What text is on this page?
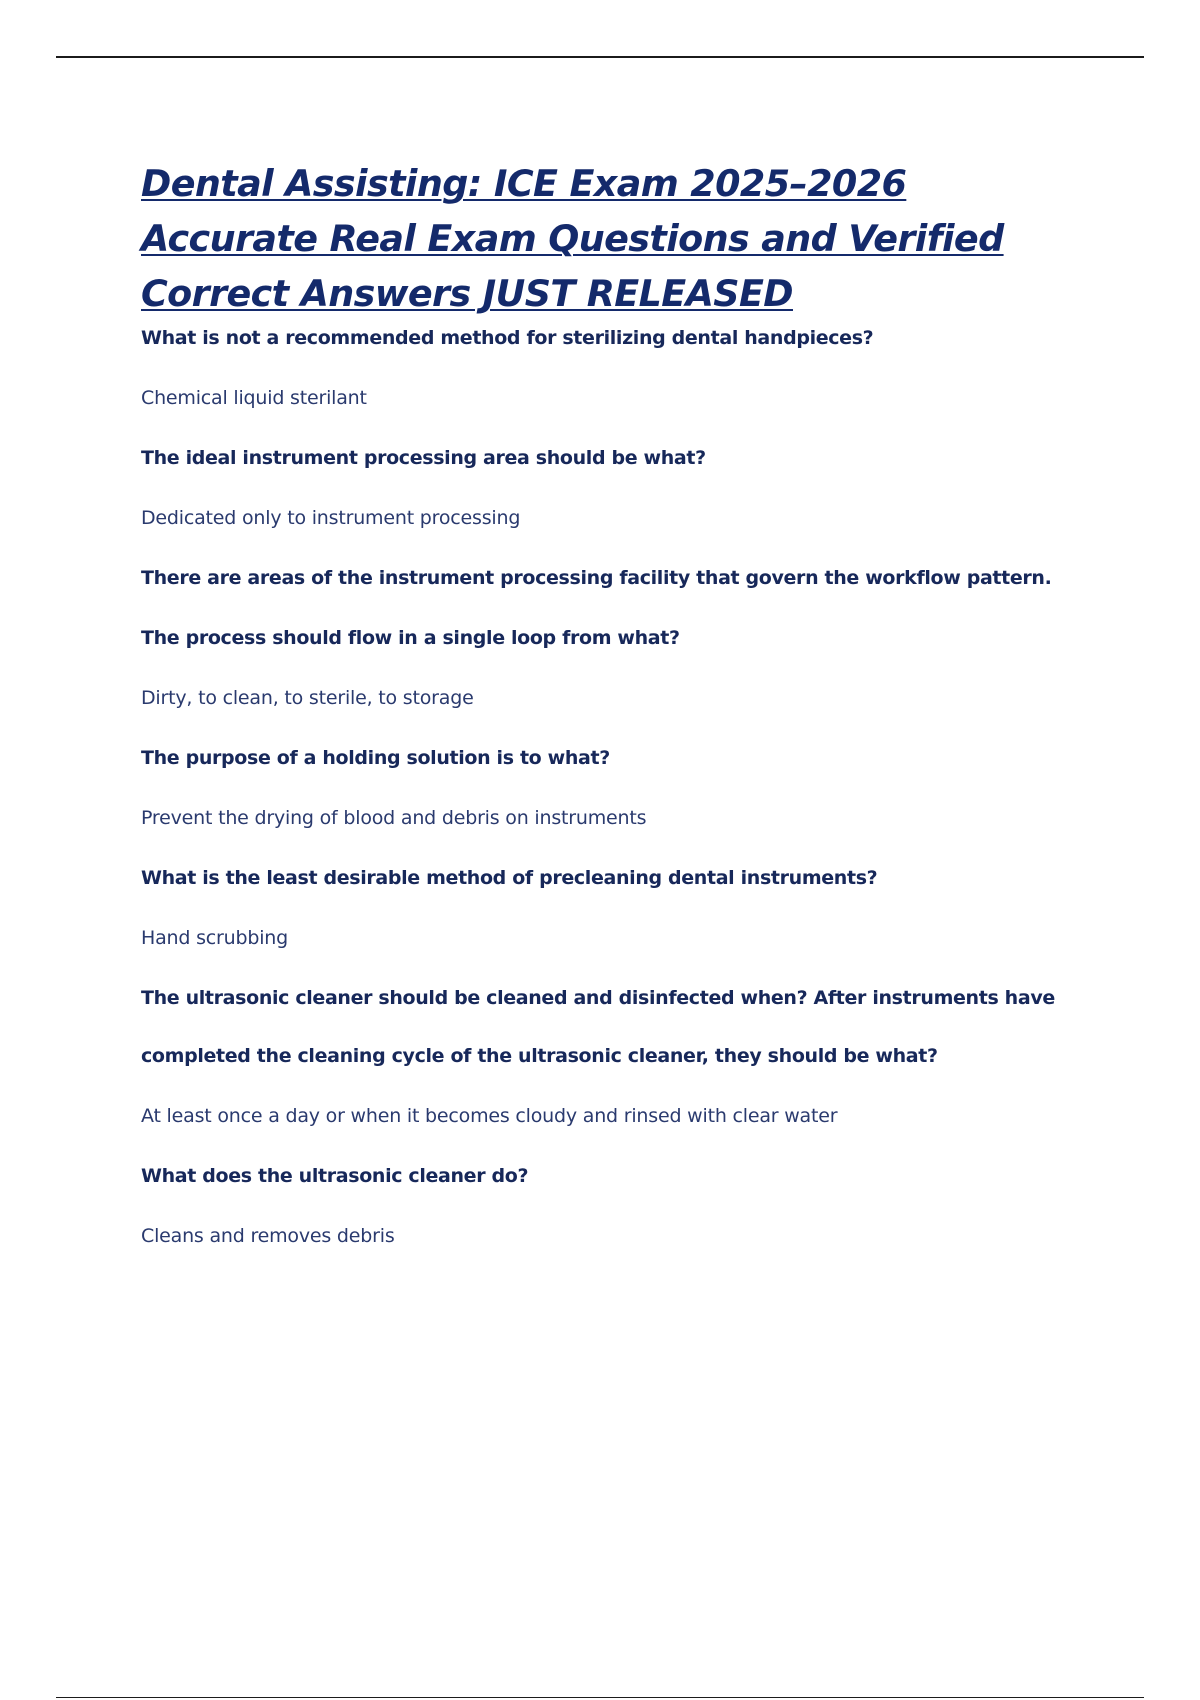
Dental Assisting: ICE Exam 2025–2026 Accurate Real Exam Questions and Verified Correct Answers JUST RELEASED
What is not a recommended method for sterilizing dental handpieces?
Chemical liquid sterilant
The ideal instrument processing area should be what?
Dedicated only to instrument processing
There are areas of the instrument processing facility that govern the workflow pattern.
The process should flow in a single loop from what?
Dirty, to clean, to sterile, to storage
The purpose of a holding solution is to what?
Prevent the drying of blood and debris on instruments
What is the least desirable method of precleaning dental instruments?
Hand scrubbing
The ultrasonic cleaner should be cleaned and disinfected when? After instruments have
completed the cleaning cycle of the ultrasonic cleaner, they should be what?
At least once a day or when it becomes cloudy and rinsed with clear water
What does the ultrasonic cleaner do?
Cleans and removes debris
